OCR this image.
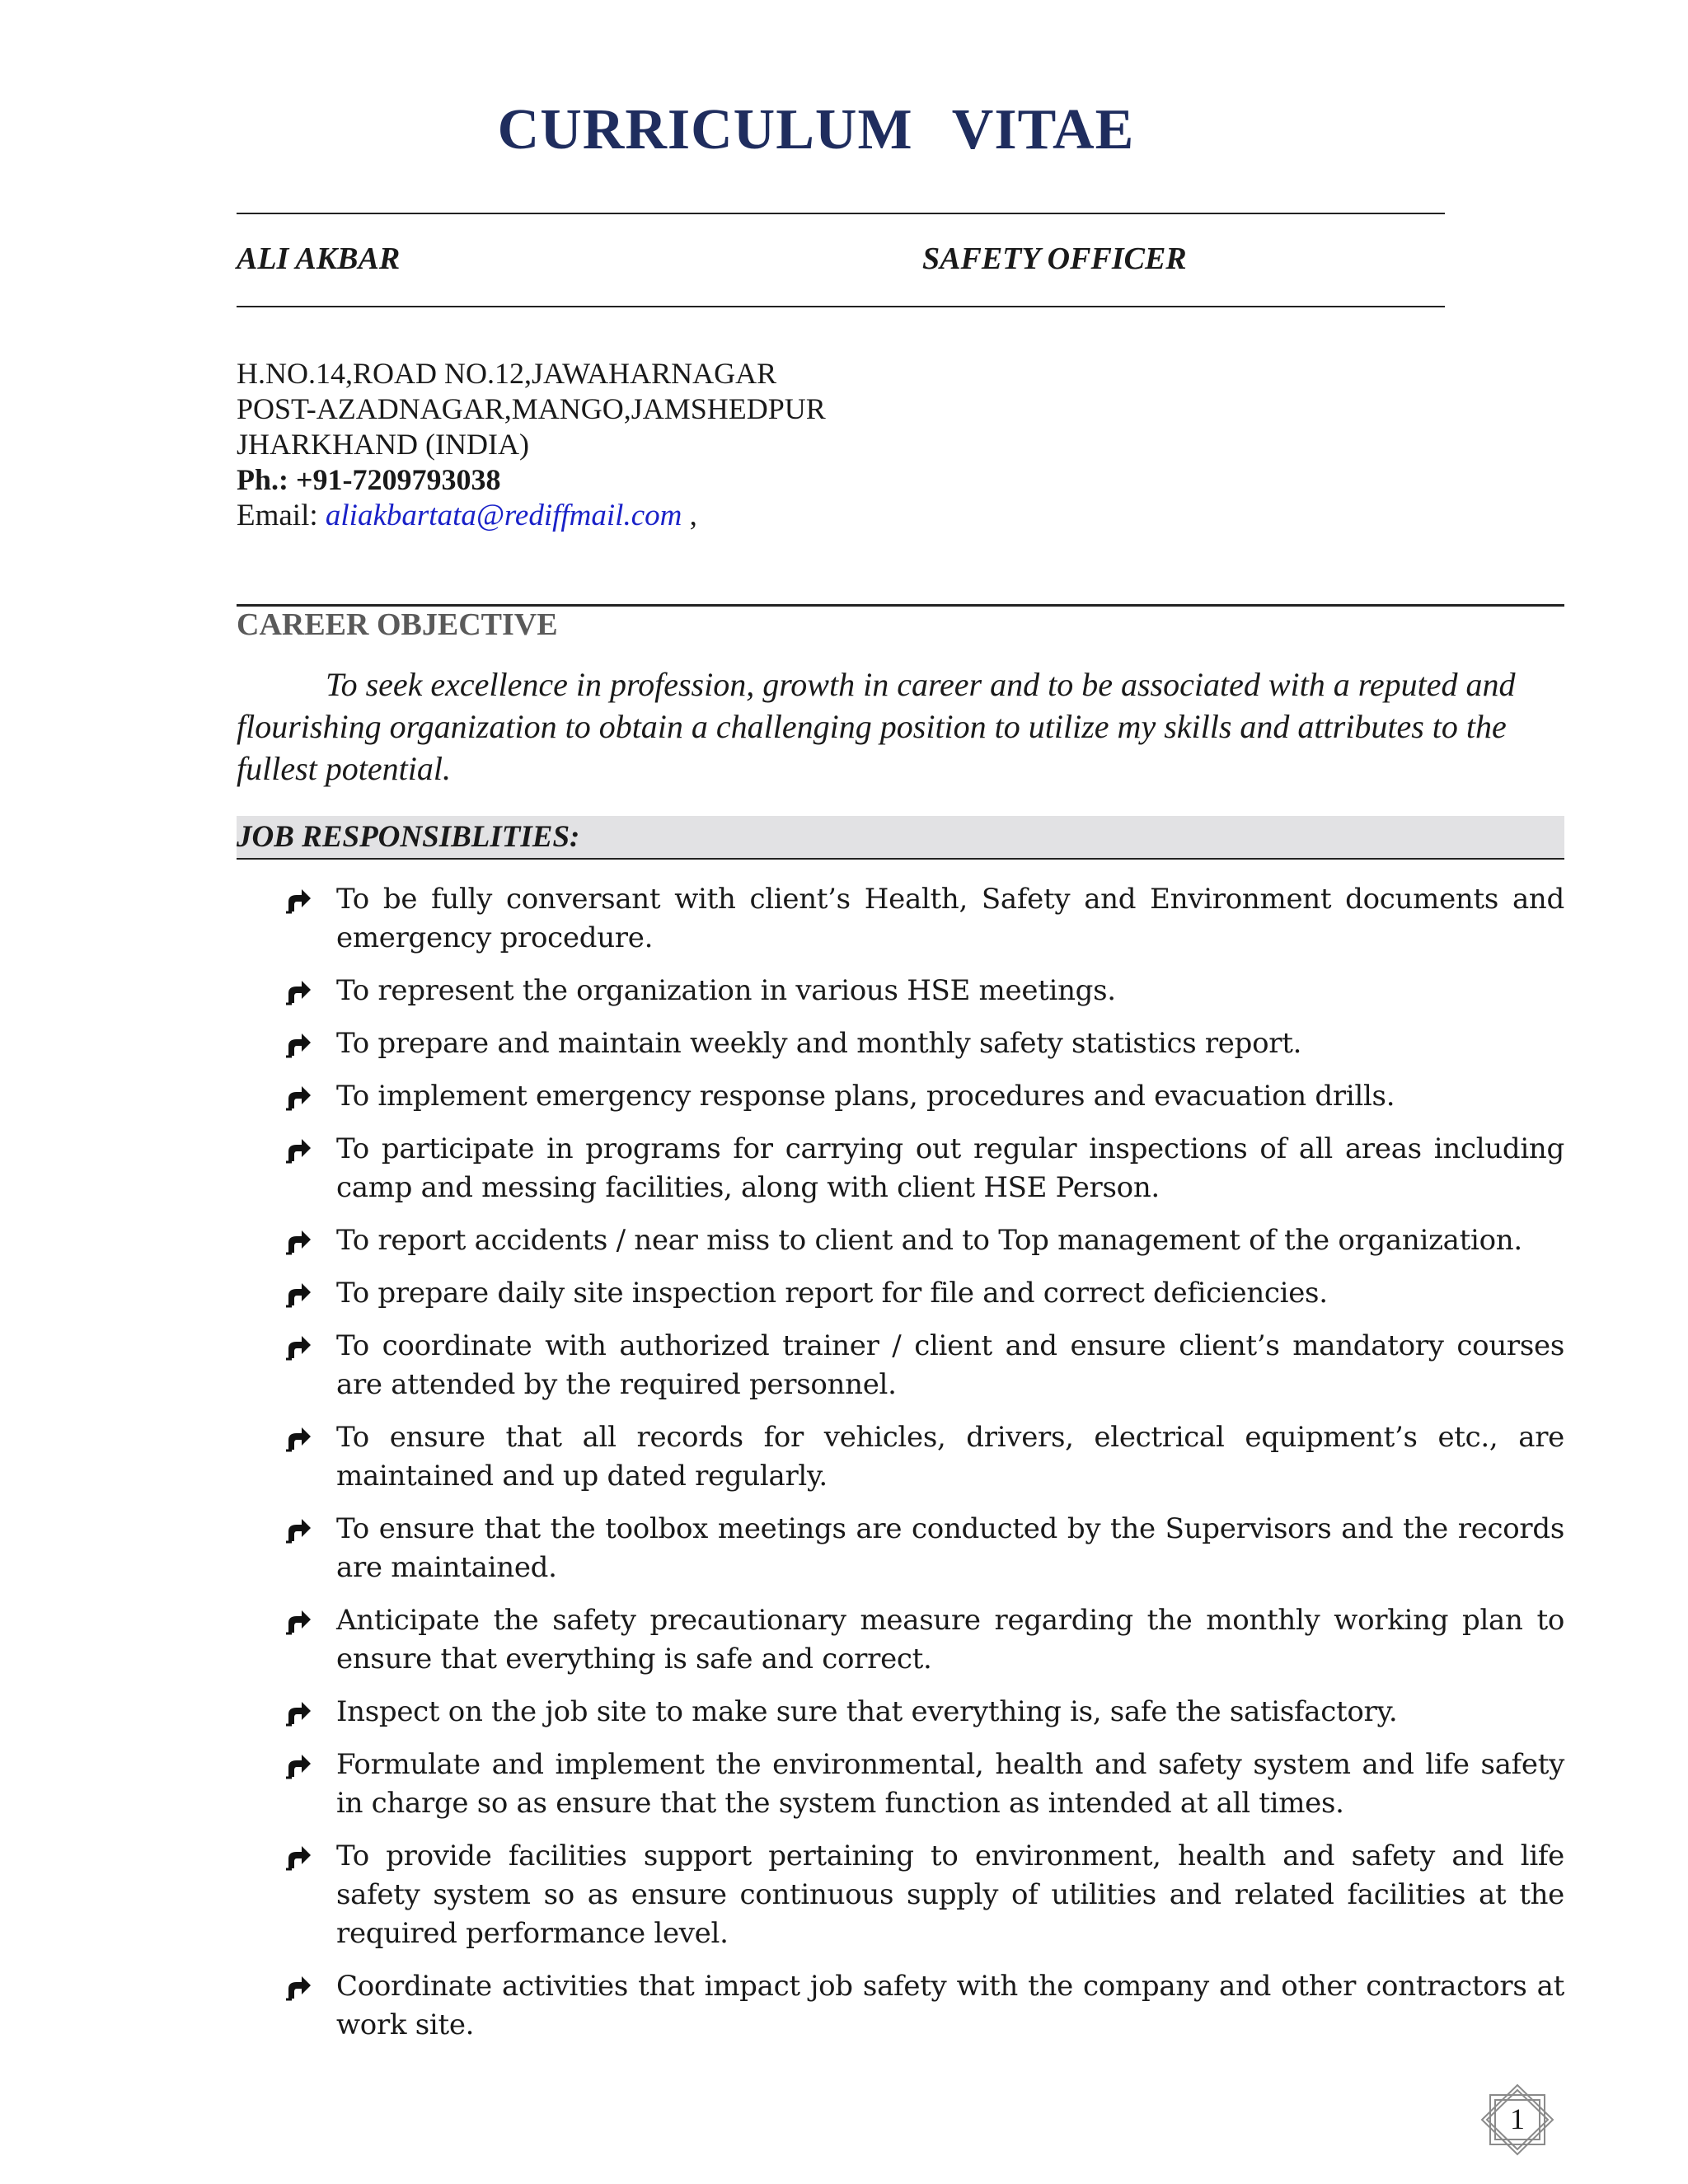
CURRICULUM VITAE
ALI AKBAR	SAFETY OFFICER
H.NO.14,ROAD NO.12,JAWAHARNAGAR
POST-AZADNAGAR,MANGO,JAMSHEDPUR
JHARKHAND (INDIA)
Ph.: +91-7209793038
Email: aliakbartata@rediffmail.com ,
CAREER OBJECTIVE
To seek excellence in profession, growth in career and to be associated with a reputed and flourishing organization to obtain a challenging position to utilize my skills and attributes to the fullest potential.
JOB RESPONSIBLITIES:
To be fully conversant with client’s Health, Safety and Environment documents and emergency procedure.
To represent the organization in various HSE meetings.
To prepare and maintain weekly and monthly safety statistics report.
To implement emergency response plans, procedures and evacuation drills.
To participate in programs for carrying out regular inspections of all areas including camp and messing facilities, along with client HSE Person.
To report accidents / near miss to client and to Top management of the organization.
To prepare daily site inspection report for file and correct deficiencies.
To coordinate with authorized trainer / client and ensure client’s mandatory courses are attended by the required personnel.
To ensure that all records for vehicles, drivers, electrical equipment’s etc., are maintained and up dated regularly.
To ensure that the toolbox meetings are conducted by the Supervisors and the records are maintained.
Anticipate the safety precautionary measure regarding the monthly working plan to ensure that everything is safe and correct.
Inspect on the job site to make sure that everything is, safe the satisfactory.
Formulate and implement the environmental, health and safety system and life safety in charge so as ensure that the system function as intended at all times.
To provide facilities support pertaining to environment, health and safety and life safety system so as ensure continuous supply of utilities and related facilities at the required performance level.
Coordinate activities that impact job safety with the company and other contractors at work site.
1
